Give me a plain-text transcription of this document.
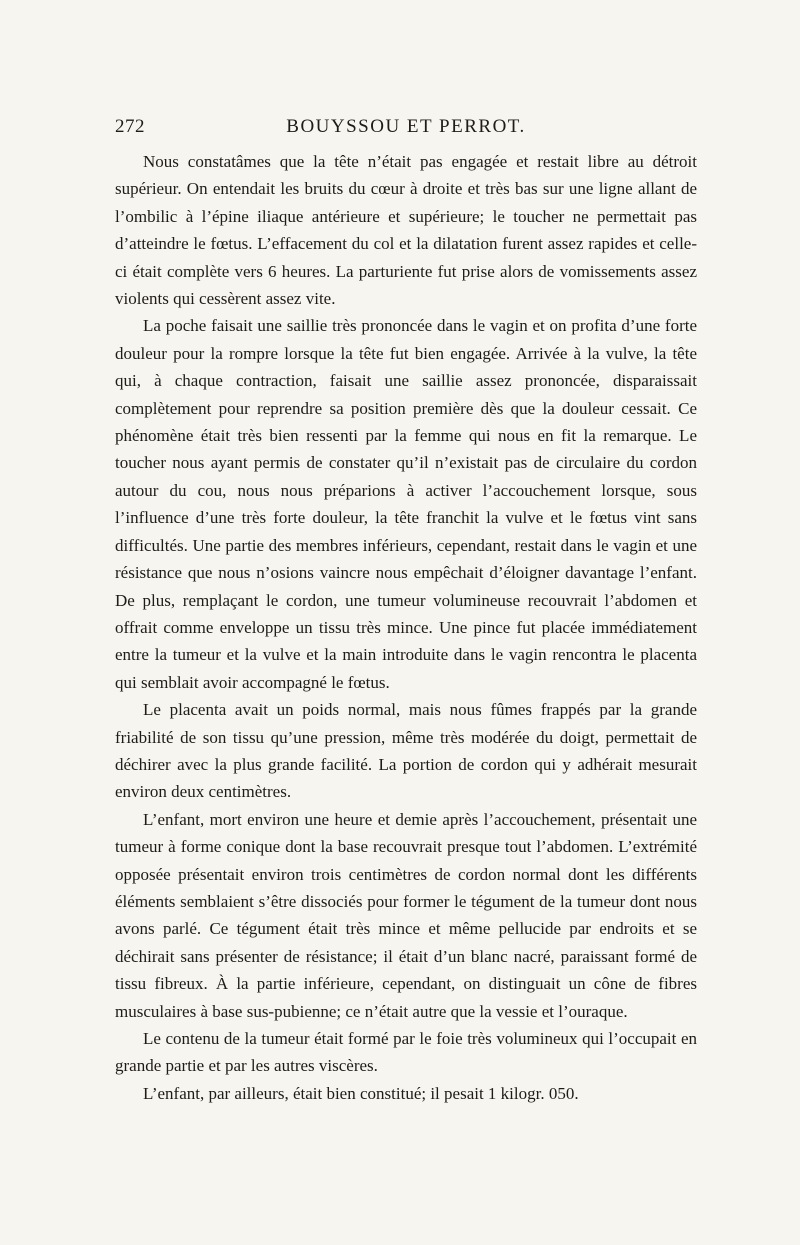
272	BOUYSSOU ET PERROT.

Nous constatâmes que la tête n’était pas engagée et restait libre au détroit supérieur. On entendait les bruits du cœur à droite et très bas sur une ligne allant de l’ombilic à l’épine iliaque antérieure et supérieure; le toucher ne permettait pas d’atteindre le fœtus. L’effacement du col et la dilatation furent assez rapides et celle-ci était complète vers 6 heures. La parturiente fut prise alors de vomissements assez violents qui cessèrent assez vite.

La poche faisait une saillie très prononcée dans le vagin et on profita d’une forte douleur pour la rompre lorsque la tête fut bien engagée. Arrivée à la vulve, la tête qui, à chaque contraction, faisait une saillie assez prononcée, disparaissait complètement pour reprendre sa position première dès que la douleur cessait. Ce phénomène était très bien ressenti par la femme qui nous en fit la remarque. Le toucher nous ayant permis de constater qu’il n’existait pas de circulaire du cordon autour du cou, nous nous préparions à activer l’accouchement lorsque, sous l’influence d’une très forte douleur, la tête franchit la vulve et le fœtus vint sans difficultés. Une partie des membres inférieurs, cependant, restait dans le vagin et une résistance que nous n’osions vaincre nous empêchait d’éloigner davantage l’enfant. De plus, remplaçant le cordon, une tumeur volumineuse recouvrait l’abdomen et offrait comme enveloppe un tissu très mince. Une pince fut placée immédiatement entre la tumeur et la vulve et la main introduite dans le vagin rencontra le placenta qui semblait avoir accompagné le fœtus.

Le placenta avait un poids normal, mais nous fûmes frappés par la grande friabilité de son tissu qu’une pression, même très modérée du doigt, permettait de déchirer avec la plus grande facilité. La portion de cordon qui y adhérait mesurait environ deux centimètres.

L’enfant, mort environ une heure et demie après l’accouchement, présentait une tumeur à forme conique dont la base recouvrait presque tout l’abdomen. L’extrémité opposée présentait environ trois centimètres de cordon normal dont les différents éléments semblaient s’être dissociés pour former le tégument de la tumeur dont nous avons parlé. Ce tégument était très mince et même pellucide par endroits et se déchirait sans présenter de résistance; il était d’un blanc nacré, paraissant formé de tissu fibreux. À la partie inférieure, cependant, on distinguait un cône de fibres musculaires à base sus-pubienne; ce n’était autre que la vessie et l’ouraque.

Le contenu de la tumeur était formé par le foie très volumineux qui l’occupait en grande partie et par les autres viscères.

L’enfant, par ailleurs, était bien constitué; il pesait 1 kilogr. 050.
